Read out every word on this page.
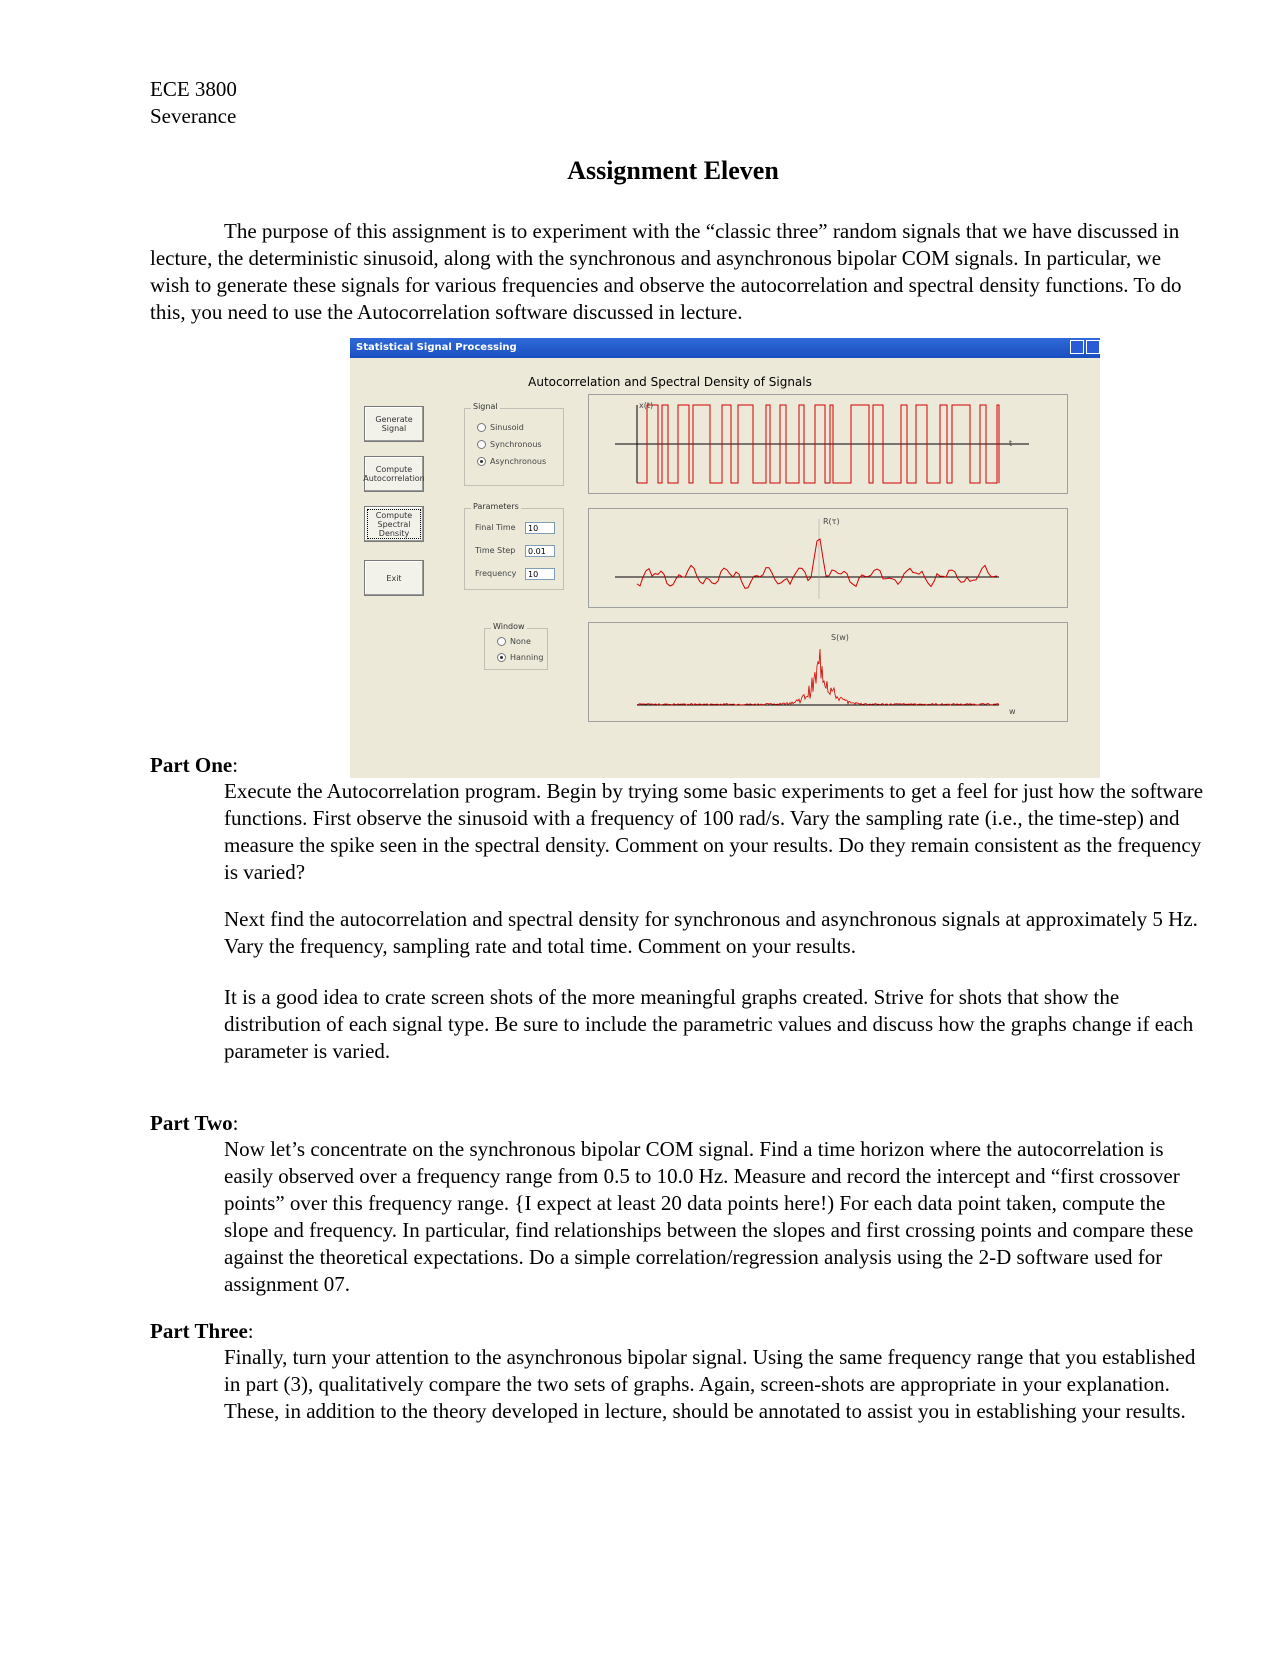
ECE 3800
Severance
Assignment Eleven

The purpose of this assignment is to experiment with the “classic three” random signals that we have discussed in lecture, the deterministic sinusoid, along with the synchronous and asynchronous bipolar COM signals. In particular, we wish to generate these signals for various frequencies and observe the autocorrelation and spectral density functions. To do this, you need to use the Autocorrelation software discussed in lecture.

Statistical Signal Processing
Autocorrelation and Spectral Density of Signals
Generate Signal
Compute Autocorrelation
Compute Spectral Density
Exit
Signal
Sinusoid
Synchronous
Asynchronous
Parameters
Final Time	10
Time Step	0.01
Frequency	10
Window
None
Hanning
x(t)
t
R(τ)
S(w)
w
Part One:

Execute the Autocorrelation program. Begin by trying some basic experiments to get a feel for just how the software functions. First observe the sinusoid with a frequency of 100 rad/s. Vary the sampling rate (i.e., the time-step) and measure the spike seen in the spectral density. Comment on your results. Do they remain consistent as the frequency is varied?

Next find the autocorrelation and spectral density for synchronous and asynchronous signals at approximately 5 Hz. Vary the frequency, sampling rate and total time. Comment on your results.

It is a good idea to crate screen shots of the more meaningful graphs created. Strive for shots that show the distribution of each signal type. Be sure to include the parametric values and discuss how the graphs change if each parameter is varied.

Part Two:

Now let’s concentrate on the synchronous bipolar COM signal. Find a time horizon where the autocorrelation is easily observed over a frequency range from 0.5 to 10.0 Hz. Measure and record the intercept and “first crossover points” over this frequency range. {I expect at least 20 data points here!) For each data point taken, compute the slope and frequency. In particular, find relationships between the slopes and first crossing points and compare these against the theoretical expectations. Do a simple correlation/regression analysis using the 2-D software used for assignment 07.

Part Three:

Finally, turn your attention to the asynchronous bipolar signal. Using the same frequency range that you established in part (3), qualitatively compare the two sets of graphs. Again, screen-shots are appropriate in your explanation. These, in addition to the theory developed in lecture, should be annotated to assist you in establishing your results.
